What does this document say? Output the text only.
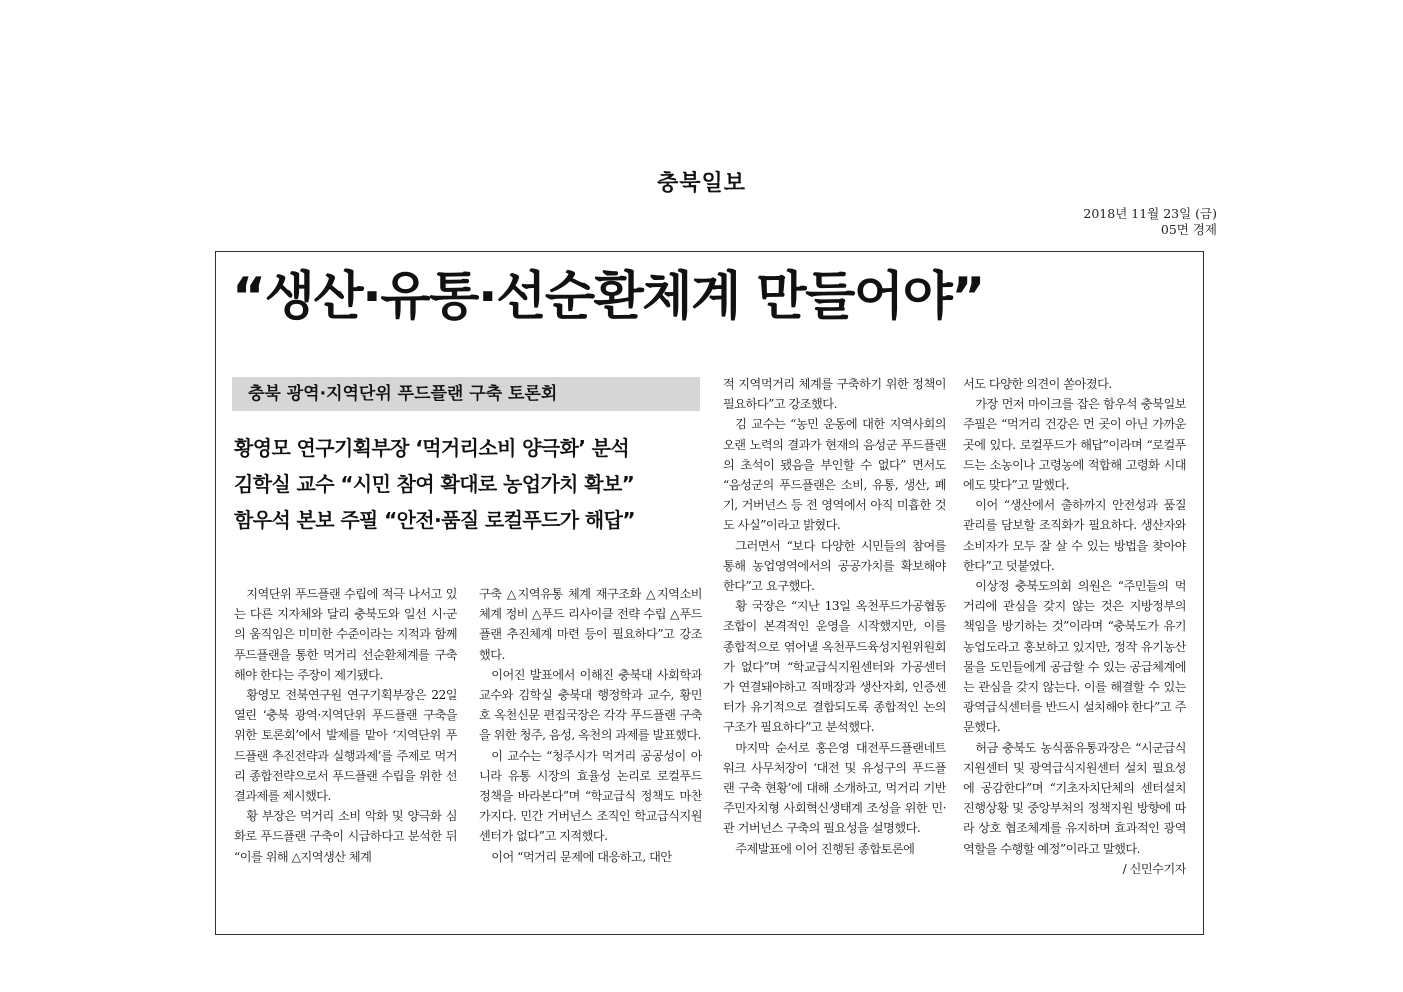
충북일보
2018년 11월 23일 (금)
05면 경제
“생산·유통·선순환체계 만들어야”
충북 광역·지역단위 푸드플랜 구축 토론회
황영모 연구기획부장 ‘먹거리소비 양극화’ 분석
김학실 교수 “시민 참여 확대로 농업가치 확보”
함우석 본보 주필 “안전·품질 로컬푸드가 해답”

지역단위 푸드플랜 수립에 적극 나서고 있는 다른 지자체와 달리 충북도와 일선 시·군의 움직임은 미미한 수준이라는 지적과 함께 푸드플랜을 통한 먹거리 선순환체계를 구축해야 한다는 주장이 제기됐다.

황영모 전북연구원 연구기획부장은 22일 열린 ‘충북 광역·지역단위 푸드플랜 구축을 위한 토론회’에서 발제를 맡아 ‘지역단위 푸드플랜 추진전략과 실행과제’를 주제로 먹거리 종합전략으로서 푸드플랜 수립을 위한 선결과제를 제시했다.

황 부장은 먹거리 소비 악화 및 양극화 심화로 푸드플랜 구축이 시급하다고 분석한 뒤 “이를 위해 △지역생산 체계

구축 △지역유통 체계 재구조화 △지역소비 체계 정비 △푸드 리사이클 전략 수립 △푸드플랜 추진체계 마련 등이 필요하다”고 강조했다.

이어진 발표에서 이해진 충북대 사회학과 교수와 김학실 충북대 행정학과 교수, 황민호 옥천신문 편집국장은 각각 푸드플랜 구축을 위한 청주, 음성, 옥천의 과제를 발표했다.

이 교수는 “청주시가 먹거리 공공성이 아니라 유통 시장의 효율성 논리로 로컬푸드 정책을 바라본다”며 “학교급식 정책도 마찬가지다. 민간 거버넌스 조직인 학교급식지원센터가 없다”고 지적했다.

이어 “먹거리 문제에 대응하고, 대안

적 지역먹거리 체계를 구축하기 위한 정책이 필요하다”고 강조했다.

김 교수는 “농민 운동에 대한 지역사회의 오랜 노력의 결과가 현재의 음성군 푸드플랜의 초석이 됐음을 부인할 수 없다” 면서도 “음성군의 푸드플랜은 소비, 유통, 생산, 폐기, 거버넌스 등 전 영역에서 아직 미흡한 것도 사실”이라고 밝혔다.

그러면서 “보다 다양한 시민들의 참여를 통해 농업영역에서의 공공가치를 확보해야 한다”고 요구했다.

황 국장은 “지난 13일 옥천푸드가공협동조합이 본격적인 운영을 시작했지만, 이를 종합적으로 엮어낼 옥천푸드육성지원위원회가 없다”며 “학교급식지원센터와 가공센터가 연결돼야하고 직매장과 생산자회, 인증센터가 유기적으로 결합되도록 종합적인 논의구조가 필요하다”고 분석했다.

마지막 순서로 홍은영 대전푸드플랜네트워크 사무처장이 ‘대전 및 유성구의 푸드플랜 구축 현황’에 대해 소개하고, 먹거리 기반 주민자치형 사회혁신생태계 조성을 위한 민·관 거버넌스 구축의 필요성을 설명했다.

주제발표에 이어 진행된 종합토론에

서도 다양한 의견이 쏟아졌다.

가장 먼저 마이크를 잡은 함우석 충북일보 주필은 “먹거리 건강은 먼 곳이 아닌 가까운 곳에 있다. 로컬푸드가 해답”이라며 “로컬푸드는 소농이나 고령농에 적합해 고령화 시대에도 맞다”고 말했다.

이어 “생산에서 출하까지 안전성과 품질관리를 담보할 조직화가 필요하다. 생산자와 소비자가 모두 잘 살 수 있는 방법을 찾아야 한다”고 덧붙였다.

이상정 충북도의회 의원은 “주민들의 먹거리에 관심을 갖지 않는 것은 지방정부의 책임을 방기하는 것”이라며 “충북도가 유기농업도라고 홍보하고 있지만, 정작 유기농산물을 도민들에게 공급할 수 있는 공급체계에는 관심을 갖지 않는다. 이를 해결할 수 있는 광역급식센터를 반드시 설치해야 한다”고 주문했다.

허금 충북도 농식품유통과장은 “시군급식지원센터 및 광역급식지원센터 설치 필요성에 공감한다”며 “기초자치단체의 센터설치 진행상황 및 중앙부처의 정책지원 방향에 따라 상호 협조체계를 유지하며 효과적인 광역 역할을 수행할 예정”이라고 말했다.
/ 신민수기자
